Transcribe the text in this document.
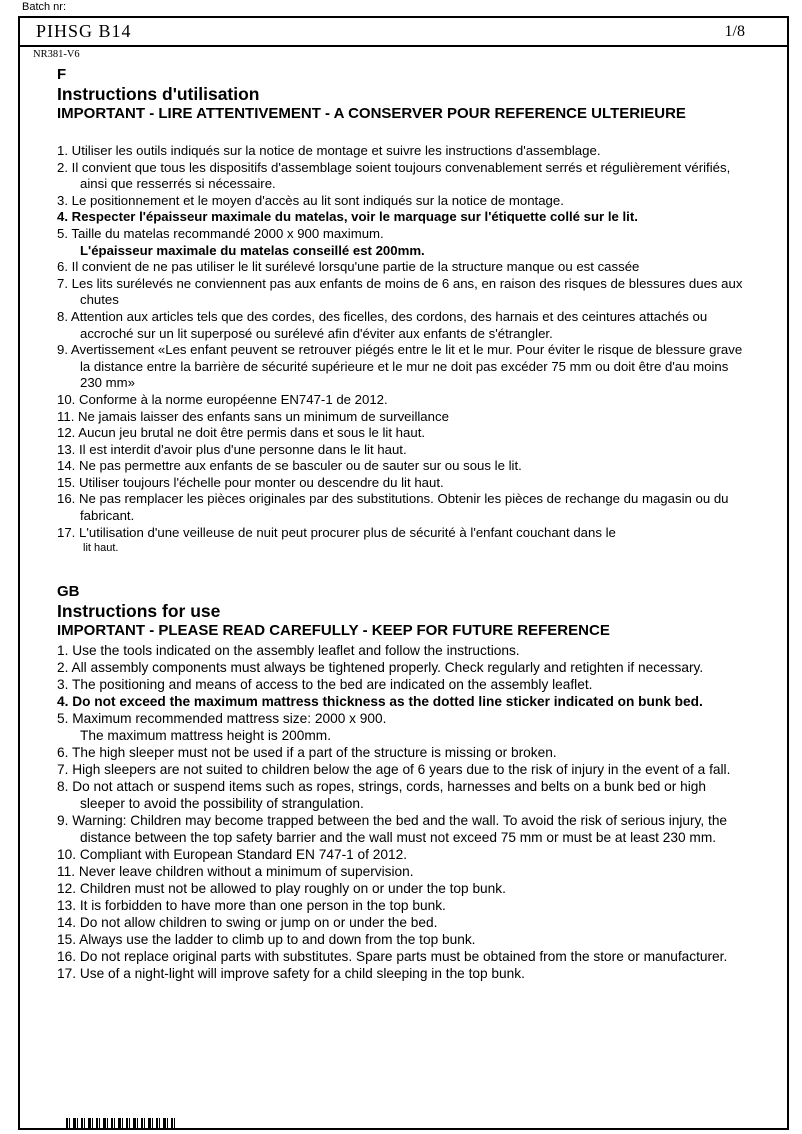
Batch nr:
PIHSG B14	1/8
NR381-V6
F
Instructions d'utilisation
IMPORTANT - LIRE ATTENTIVEMENT - A CONSERVER POUR REFERENCE ULTERIEURE
1. Utiliser les outils indiqués sur la notice de montage et suivre les instructions d'assemblage.
2. Il convient que tous les dispositifs d'assemblage soient toujours convenablement serrés et régulièrement vérifiés, ainsi que resserrés si nécessaire.
3. Le positionnement et le moyen d'accès au lit sont indiqués sur la notice de montage.
4. Respecter l'épaisseur maximale du matelas, voir le marquage sur l'étiquette collé sur le lit.
5. Taille du matelas recommandé 2000 x 900 maximum.
L'épaisseur maximale du matelas conseillé est 200mm.
6. Il convient de ne pas utiliser le lit surélevé lorsqu'une partie de la structure manque ou est cassée
7. Les lits surélevés ne conviennent pas aux enfants de moins de 6 ans, en raison des risques de blessures dues aux chutes
8. Attention aux articles tels que des cordes, des ficelles, des cordons, des harnais et des ceintures attachés ou accroché sur un lit superposé ou surélevé afin d'éviter aux enfants de s'étrangler.
9. Avertissement «Les enfant peuvent se retrouver piégés entre le lit et le mur. Pour éviter le risque de blessure grave la distance entre la barrière de sécurité supérieure et le mur ne doit pas excéder 75 mm ou doit être d'au moins 230 mm»
10. Conforme à la norme européenne EN747-1 de 2012.
11. Ne jamais laisser des enfants sans un minimum de surveillance
12. Aucun jeu brutal ne doit être permis dans et sous le lit haut.
13. Il est interdit d'avoir plus d'une personne dans le lit haut.
14. Ne pas permettre aux enfants de se basculer ou de sauter sur ou sous le lit.
15. Utiliser toujours l'échelle pour monter ou descendre du lit haut.
16. Ne pas remplacer les pièces originales par des substitutions. Obtenir les pièces de rechange du magasin ou du fabricant.
17. L'utilisation d'une veilleuse de nuit peut procurer plus de sécurité à l'enfant couchant dans le
lit haut.
GB
Instructions for use
IMPORTANT - PLEASE READ CAREFULLY - KEEP FOR FUTURE REFERENCE
1. Use the tools indicated on the assembly leaflet and follow the instructions.
2. All assembly components must always be tightened properly. Check regularly and retighten if necessary.
3. The positioning and means of access to the bed are indicated on the assembly leaflet.
4. Do not exceed the maximum mattress thickness as the dotted line sticker indicated on bunk bed.
5. Maximum recommended mattress size: 2000 x 900.
The maximum mattress height is 200mm.
6. The high sleeper must not be used if a part of the structure is missing or broken.
7. High sleepers are not suited to children below the age of 6 years due to the risk of injury in the event of a fall.
8. Do not attach or suspend items such as ropes, strings, cords, harnesses and belts on a bunk bed or high sleeper to avoid the possibility of strangulation.
9. Warning: Children may become trapped between the bed and the wall. To avoid the risk of serious injury, the distance between the top safety barrier and the wall must not exceed 75 mm or must be at least 230 mm.
10. Compliant with European Standard EN 747-1 of 2012.
11. Never leave children without a minimum of supervision.
12. Children must not be allowed to play roughly on or under the top bunk.
13. It is forbidden to have more than one person in the top bunk.
14. Do not allow children to swing or jump on or under the bed.
15. Always use the ladder to climb up to and down from the top bunk.
16. Do not replace original parts with substitutes. Spare parts must be obtained from the store or manufacturer.
17. Use of a night-light will improve safety for a child sleeping in the top bunk.
